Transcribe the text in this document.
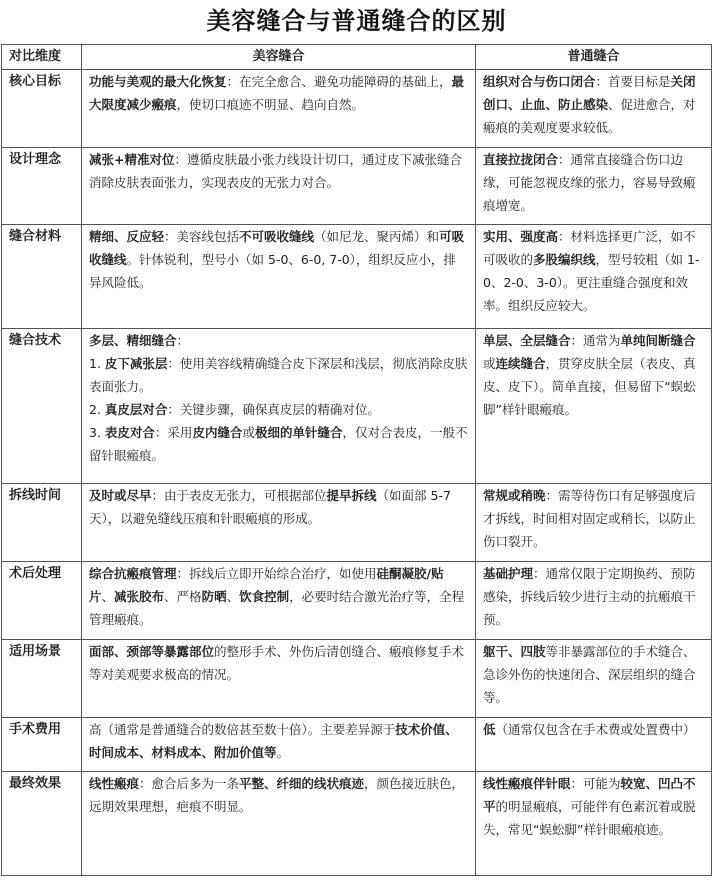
美容缝合与普通缝合的区别
对比维度	美容缝合	普通缝合
核心目标	功能与美观的最大化恢复：在完全愈合、避免功能障碍的基础上，最大限度减少瘢痕，使切口痕迹不明显、趋向自然。	组织对合与伤口闭合：首要目标是关闭创口、止血、防止感染、促进愈合，对瘢痕的美观度要求较低。
设计理念	减张+精准对位：遵循皮肤最小张力线设计切口，通过皮下减张缝合消除皮肤表面张力，实现表皮的无张力对合。	直接拉拢闭合：通常直接缝合伤口边缘，可能忽视皮缘的张力，容易导致瘢痕增宽。
缝合材料	精细、反应轻：美容线包括不可吸收缝线（如尼龙、聚丙烯）和可吸收缝线。针体锐利，型号小（如 5-0、6-0, 7-0），组织反应小，排异风险低。	实用、强度高：材料选择更广泛，如不可吸收的多股编织线，型号较粗（如 1-0、2-0、3-0）。更注重缝合强度和效率。组织反应较大。
缝合技术	多层、精细缝合：
1. 皮下减张层：使用美容线精确缝合皮下深层和浅层，彻底消除皮肤表面张力。
2. 真皮层对合：关键步骤，确保真皮层的精确对位。
3. 表皮对合：采用皮内缝合或极细的单针缝合，仅对合表皮，一般不留针眼瘢痕。	单层、全层缝合：通常为单纯间断缝合或连续缝合，贯穿皮肤全层（表皮、真皮、皮下）。简单直接，但易留下“蜈蚣脚”样针眼瘢痕。
拆线时间	及时或尽早：由于表皮无张力，可根据部位提早拆线（如面部 5-7 天），以避免缝线压痕和针眼瘢痕的形成。	常规或稍晚：需等待伤口有足够强度后才拆线，时间相对固定或稍长，以防止伤口裂开。
术后处理	综合抗瘢痕管理：拆线后立即开始综合治疗，如使用硅酮凝胶/贴片、减张胶布、严格防晒、饮食控制，必要时结合激光治疗等，全程管理瘢痕。	基础护理：通常仅限于定期换药、预防感染，拆线后较少进行主动的抗瘢痕干预。
适用场景	面部、颈部等暴露部位的整形手术、外伤后清创缝合、瘢痕修复手术等对美观要求极高的情况。	躯干、四肢等非暴露部位的手术缝合、急诊外伤的快速闭合、深层组织的缝合等。
手术费用	高（通常是普通缝合的数倍甚至数十倍）。主要差异源于技术价值、时间成本、材料成本、附加价值等。	低（通常仅包含在手术费或处置费中）
最终效果	线性瘢痕：愈合后多为一条平整、纤细的线状痕迹，颜色接近肤色，远期效果理想，疤痕不明显。	线性瘢痕伴针眼：可能为较宽、凹凸不平的明显瘢痕，可能伴有色素沉着或脱失，常见“蜈蚣脚”样针眼瘢痕迹。
